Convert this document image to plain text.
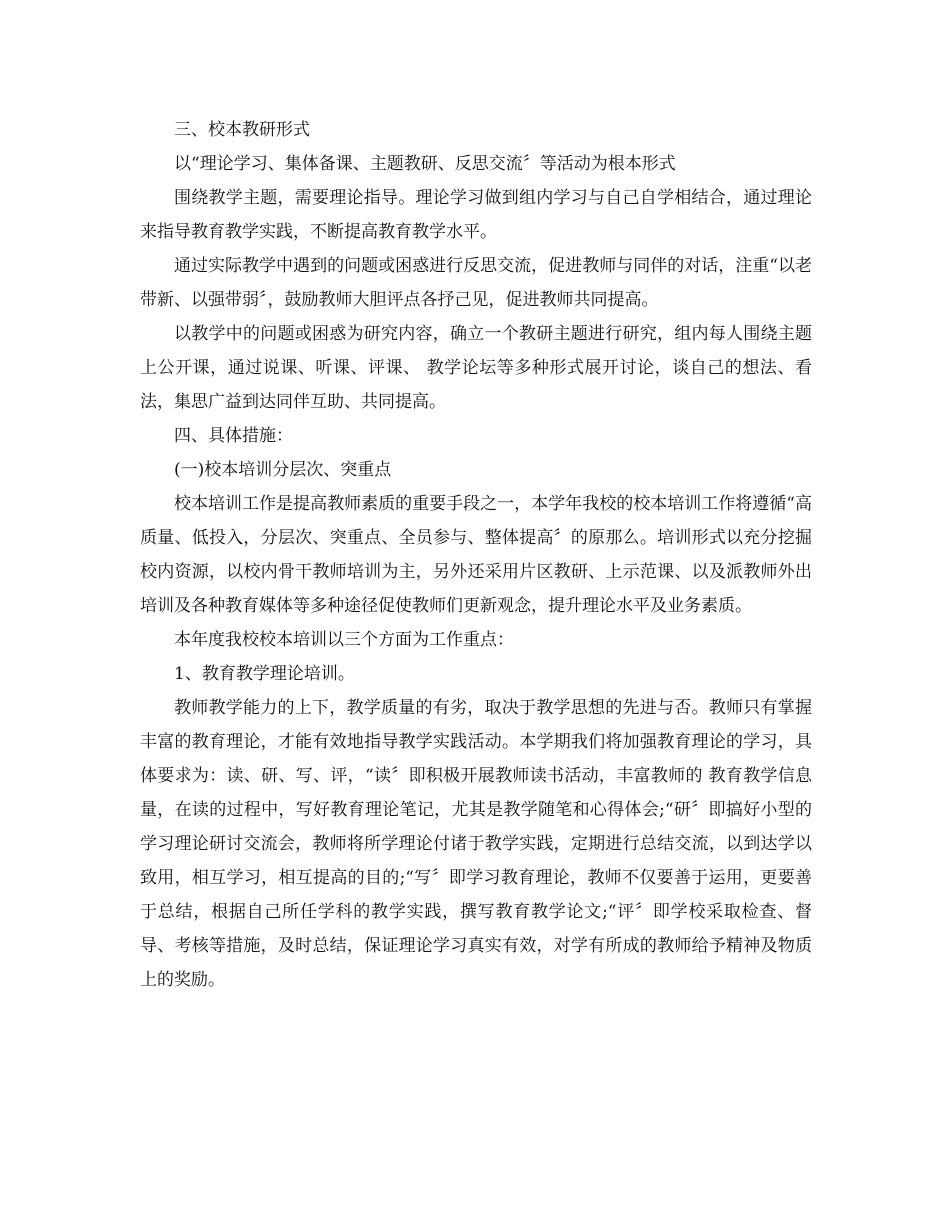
三、校本教研形式

以“理论学习、集体备课、主题教研、反思交流〞等活动为根本形式

围绕教学主题，需要理论指导。理论学习做到组内学习与自己自学相结合，通过理论来指导教育教学实践，不断提高教育教学水平。

通过实际教学中遇到的问题或困惑进行反思交流，促进教师与同伴的对话，注重“以老带新、以强带弱〞，鼓励教师大胆评点各抒己见，促进教师共同提高。

以教学中的问题或困惑为研究内容，确立一个教研主题进行研究，组内每人围绕主题上公开课，通过说课、听课、评课、 教学论坛等多种形式展开讨论，谈自己的想法、看法，集思广益到达同伴互助、共同提高。

四、具体措施：

(一)校本培训分层次、突重点

校本培训工作是提高教师素质的重要手段之一，本学年我校的校本培训工作将遵循“高质量、低投入，分层次、突重点、全员参与、整体提高〞的原那么。培训形式以充分挖掘校内资源，以校内骨干教师培训为主，另外还采用片区教研、上示范课、以及派教师外出培训及各种教育媒体等多种途径促使教师们更新观念，提升理论水平及业务素质。

本年度我校校本培训以三个方面为工作重点：

1、教育教学理论培训。

教师教学能力的上下，教学质量的有劣，取决于教学思想的先进与否。教师只有掌握丰富的教育理论，才能有效地指导教学实践活动。本学期我们将加强教育理论的学习，具体要求为：读、研、写、评，“读〞即积极开展教师读书活动，丰富教师的 教育教学信息量，在读的过程中，写好教育理论笔记，尤其是教学随笔和心得体会;“研〞即搞好小型的学习理论研讨交流会，教师将所学理论付诸于教学实践，定期进行总结交流，以到达学以致用，相互学习，相互提高的目的;“写〞即学习教育理论，教师不仅要善于运用，更要善于总结，根据自己所任学科的教学实践，撰写教育教学论文;“评〞即学校采取检查、督导、考核等措施，及时总结，保证理论学习真实有效，对学有所成的教师给予精神及物质上的奖励。
